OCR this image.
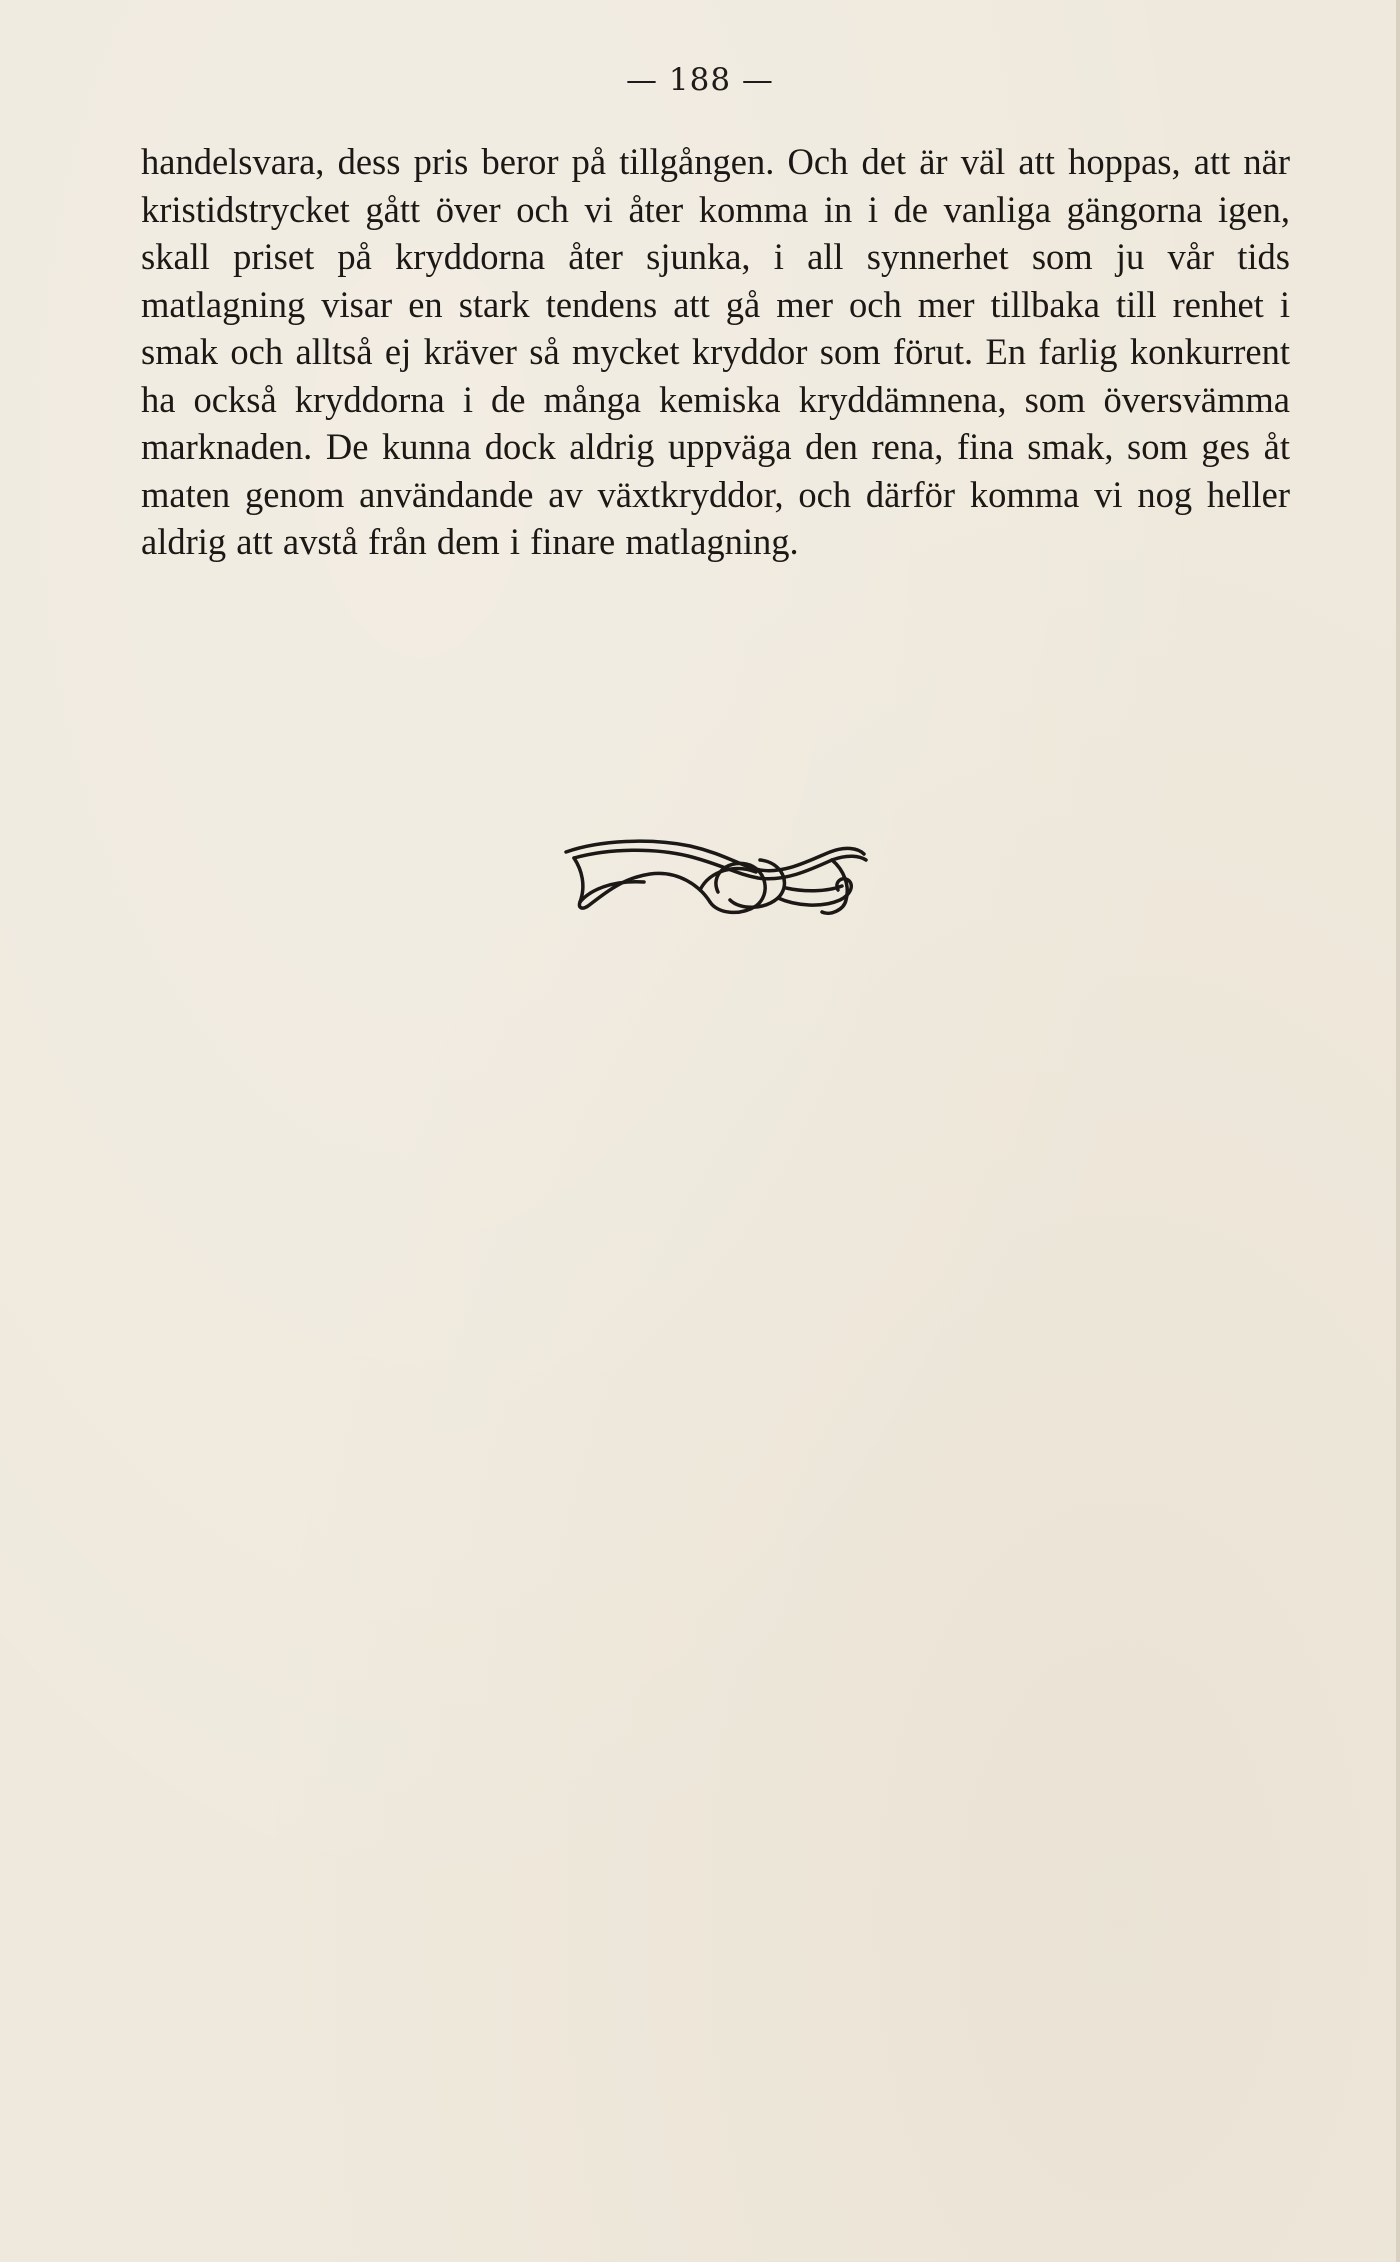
— 188 —

handelsvara, dess pris beror på tillgången. Och det är väl att hoppas, att när kristidstrycket gått över och vi åter komma in i de vanliga gängorna igen, skall priset på kryddorna åter sjunka, i all synnerhet som ju vår tids matlagning visar en stark tendens att gå mer och mer tillbaka till renhet i smak och alltså ej kräver så mycket kryddor som förut. En farlig konkurrent ha också kryddorna i de många kemiska kryddämnena, som översvämma marknaden. De kunna dock aldrig uppväga den rena, fina smak, som ges åt maten genom användande av växtkryddor, och därför komma vi nog heller aldrig att avstå från dem i finare matlagning.
